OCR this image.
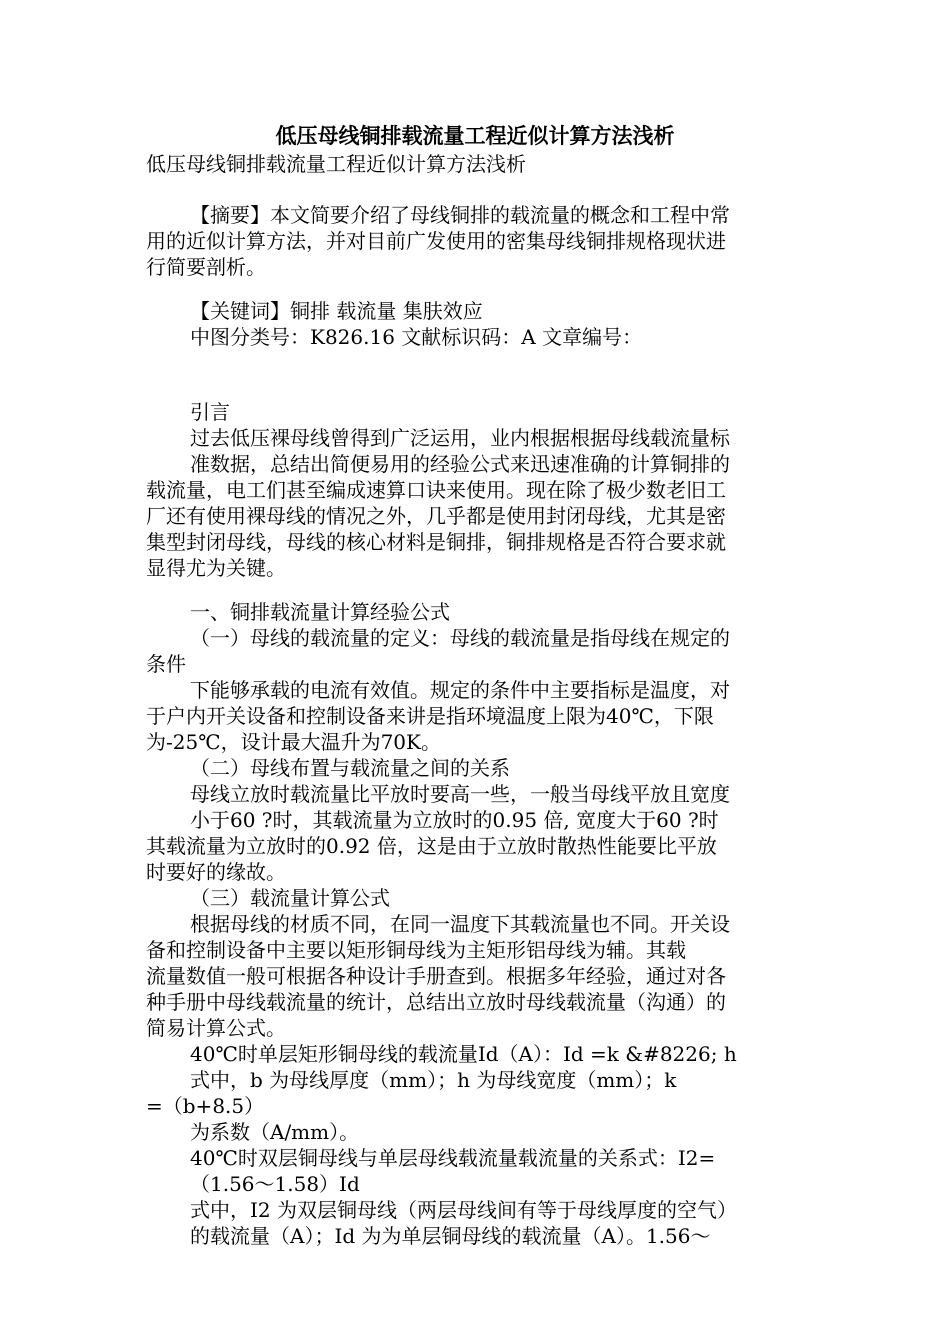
低压母线铜排载流量工程近似计算方法浅析
低压母线铜排载流量工程近似计算方法浅析
【摘要】本文简要介绍了母线铜排的载流量的概念和工程中常
用的近似计算方法，并对目前广发使用的密集母线铜排规格现状进
行简要剖析。
【关键词】铜排 载流量 集肤效应
中图分类号：K826.16 文献标识码：A 文章编号：
引言
过去低压裸母线曾得到广泛运用，业内根据根据母线载流量标
准数据，总结出简便易用的经验公式来迅速准确的计算铜排的
载流量，电工们甚至编成速算口诀来使用。现在除了极少数老旧工
厂还有使用裸母线的情况之外，几乎都是使用封闭母线，尤其是密
集型封闭母线，母线的核心材料是铜排，铜排规格是否符合要求就
显得尤为关键。
一、铜排载流量计算经验公式
（一）母线的载流量的定义：母线的载流量是指母线在规定的
条件
下能够承载的电流有效值。规定的条件中主要指标是温度，对
于户内开关设备和控制设备来讲是指环境温度上限为40℃，下限
为-25℃，设计最大温升为70K。
（二）母线布置与载流量之间的关系
母线立放时载流量比平放时要高一些，一般当母线平放且宽度
小于60 ?时，其载流量为立放时的0.95 倍, 宽度大于60 ?时
其载流量为立放时的0.92 倍，这是由于立放时散热性能要比平放
时要好的缘故。
（三）载流量计算公式
根据母线的材质不同，在同一温度下其载流量也不同。开关设
备和控制设备中主要以矩形铜母线为主矩形铝母线为辅。其载
流量数值一般可根据各种设计手册查到。根据多年经验，通过对各
种手册中母线载流量的统计，总结出立放时母线载流量（沟通）的
简易计算公式。
40℃时单层矩形铜母线的载流量Id（A）：Id =k &#8226; h
式中，b 为母线厚度（mm）；h 为母线宽度（mm）；k
=（b+8.5）
为系数（A/mm）。
40℃时双层铜母线与单层母线载流量载流量的关系式：I2=
（1.56～1.58）Id
式中，I2 为双层铜母线（两层母线间有等于母线厚度的空气）
的载流量（A）；Id 为为单层铜母线的载流量（A）。1.56～
